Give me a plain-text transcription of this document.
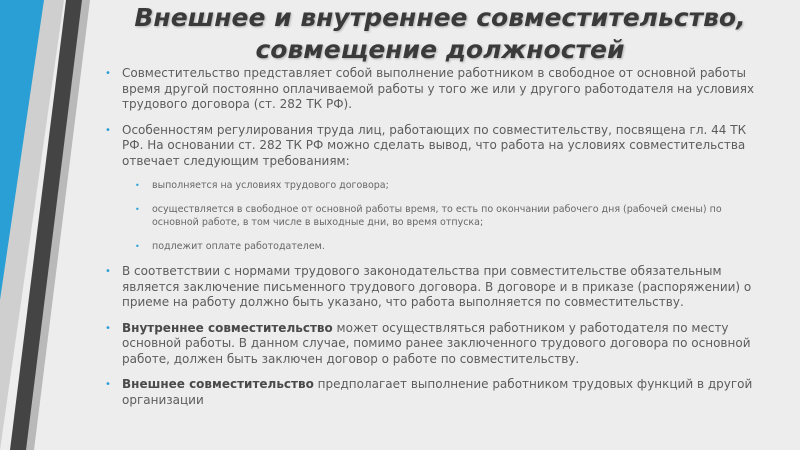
Внешнее и внутреннее совместительство,
совмещение должностей
• Совместительство представляет собой выполнение работником в свободное от основной работы время другой постоянно оплачиваемой работы у того же или у другого работодателя на условиях трудового договора (ст. 282 ТК РФ).
• Особенностям регулирования труда лиц, работающих по совместительству, посвящена гл. 44 ТК РФ. На основании ст. 282 ТК РФ можно сделать вывод, что работа на условиях совместительства отвечает следующим требованиям:
• выполняется на условиях трудового договора;
• осуществляется в свободное от основной работы время, то есть по окончании рабочего дня (рабочей смены) по основной работе, в том числе в выходные дни, во время отпуска;
• подлежит оплате работодателем.
• В соответствии с нормами трудового законодательства при совместительстве обязательным является заключение письменного трудового договора. В договоре и в приказе (распоряжении) о приеме на работу должно быть указано, что работа выполняется по совместительству.
• Внутреннее совместительство может осуществляться работником у работодателя по месту основной работы. В данном случае, помимо ранее заключенного трудового договора по основной работе, должен быть заключен договор о работе по совместительству.
• Внешнее совместительство предполагает выполнение работником трудовых функций в другой организации
